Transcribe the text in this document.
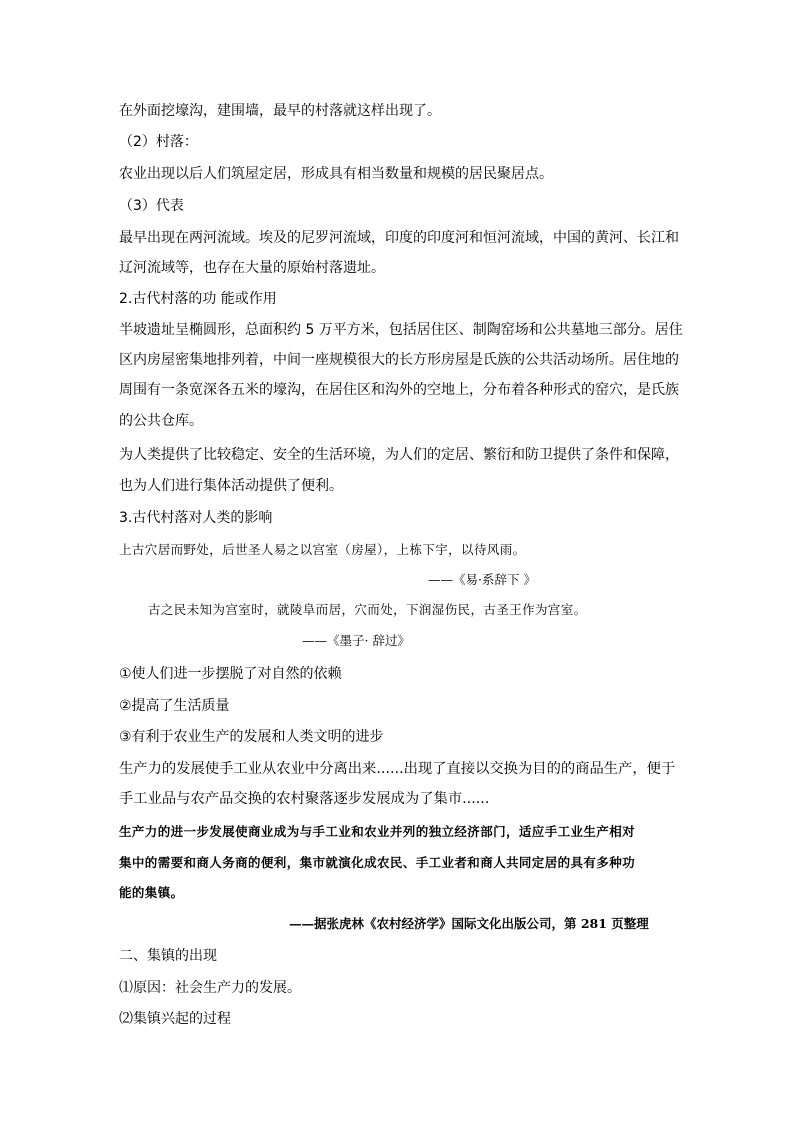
在外面挖壕沟，建围墙，最早的村落就这样出现了。
（2）村落：
农业出现以后人们筑屋定居，形成具有相当数量和规模的居民聚居点。
（3）代表
最早出现在两河流域。埃及的尼罗河流域，印度的印度河和恒河流域，中国的黄河、长江和
辽河流域等，也存在大量的原始村落遗址。
2.古代村落的功 能或作用
半坡遗址呈椭圆形，总面积约 5 万平方米，包括居住区、制陶窑场和公共墓地三部分。居住
区内房屋密集地排列着，中间一座规模很大的长方形房屋是氏族的公共活动场所。居住地的
周围有一条宽深各五米的壕沟，在居住区和沟外的空地上，分布着各种形式的窑穴，是氏族
的公共仓库。
为人类提供了比较稳定、安全的生活环境，为人们的定居、繁衍和防卫提供了条件和保障，
也为人们进行集体活动提供了便利。
3.古代村落对人类的影响
上古穴居而野处，后世圣人易之以宫室（房屋），上栋下宇，以待风雨。
——《易·系辞下 》
古之民未知为宫室时，就陵阜而居，穴而处，下润湿伤民，古圣王作为宫室。
——《墨子· 辞过》
①使人们进一步摆脱了对自然的依赖
②提高了生活质量
③有利于农业生产的发展和人类文明的进步
生产力的发展使手工业从农业中分离出来......出现了直接以交换为目的的商品生产，便于
手工业品与农产品交换的农村聚落逐步发展成为了集市......
生产力的进一步发展使商业成为与手工业和农业并列的独立经济部门，适应手工业生产相对
集中的需要和商人务商的便利，集市就演化成农民、手工业者和商人共同定居的具有多种功
能的集镇。
——据张虎林《农村经济学》国际文化出版公司，第 281 页整理
二、集镇的出现
⑴原因：社会生产力的发展。
⑵集镇兴起的过程
